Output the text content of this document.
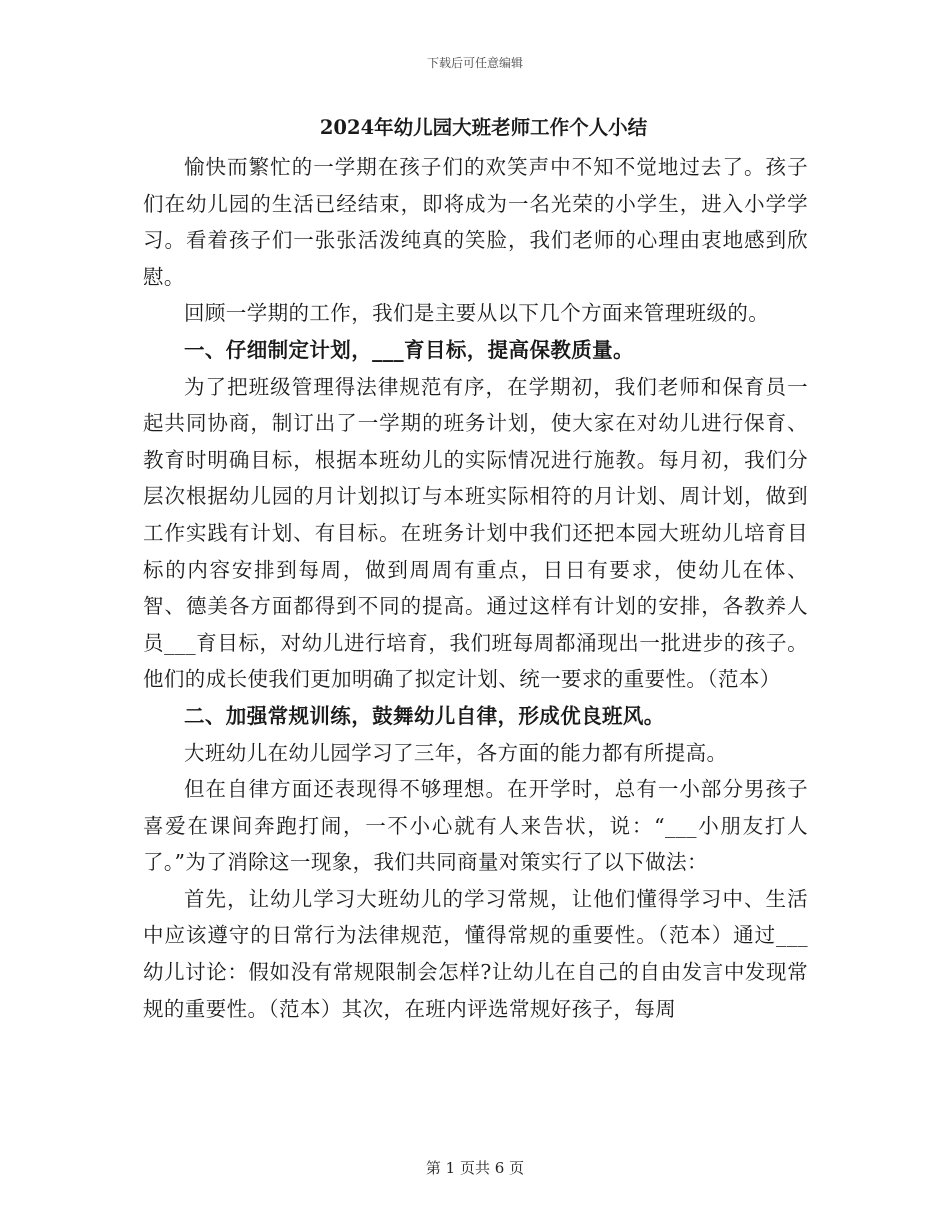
下载后可任意编辑
2024年幼儿园大班老师工作个人小结

愉快而繁忙的一学期在孩子们的欢笑声中不知不觉地过去了。孩子们在幼儿园的生活已经结束，即将成为一名光荣的小学生，进入小学学习。看着孩子们一张张活泼纯真的笑脸，我们老师的心理由衷地感到欣慰。

回顾一学期的工作，我们是主要从以下几个方面来管理班级的。

一、仔细制定计划，___育目标，提高保教质量。

为了把班级管理得法律规范有序，在学期初，我们老师和保育员一起共同协商，制订出了一学期的班务计划，使大家在对幼儿进行保育、教育时明确目标，根据本班幼儿的实际情况进行施教。每月初，我们分层次根据幼儿园的月计划拟订与本班实际相符的月计划、周计划，做到工作实践有计划、有目标。在班务计划中我们还把本园大班幼儿培育目标的内容安排到每周，做到周周有重点，日日有要求，使幼儿在体、智、德美各方面都得到不同的提高。通过这样有计划的安排，各教养人员___育目标，对幼儿进行培育，我们班每周都涌现出一批进步的孩子。他们的成长使我们更加明确了拟定计划、统一要求的重要性。（范本）

二、加强常规训练，鼓舞幼儿自律，形成优良班风。

大班幼儿在幼儿园学习了三年，各方面的能力都有所提高。

但在自律方面还表现得不够理想。在开学时，总有一小部分男孩子喜爱在课间奔跑打闹，一不小心就有人来告状，说：“___小朋友打人了。”为了消除这一现象，我们共同商量对策实行了以下做法：

首先，让幼儿学习大班幼儿的学习常规，让他们懂得学习中、生活中应该遵守的日常行为法律规范，懂得常规的重要性。（范本）通过___幼儿讨论：假如没有常规限制会怎样?让幼儿在自己的自由发言中发现常规的重要性。（范本）其次，在班内评选常规好孩子，每周

第 1 页共 6 页
